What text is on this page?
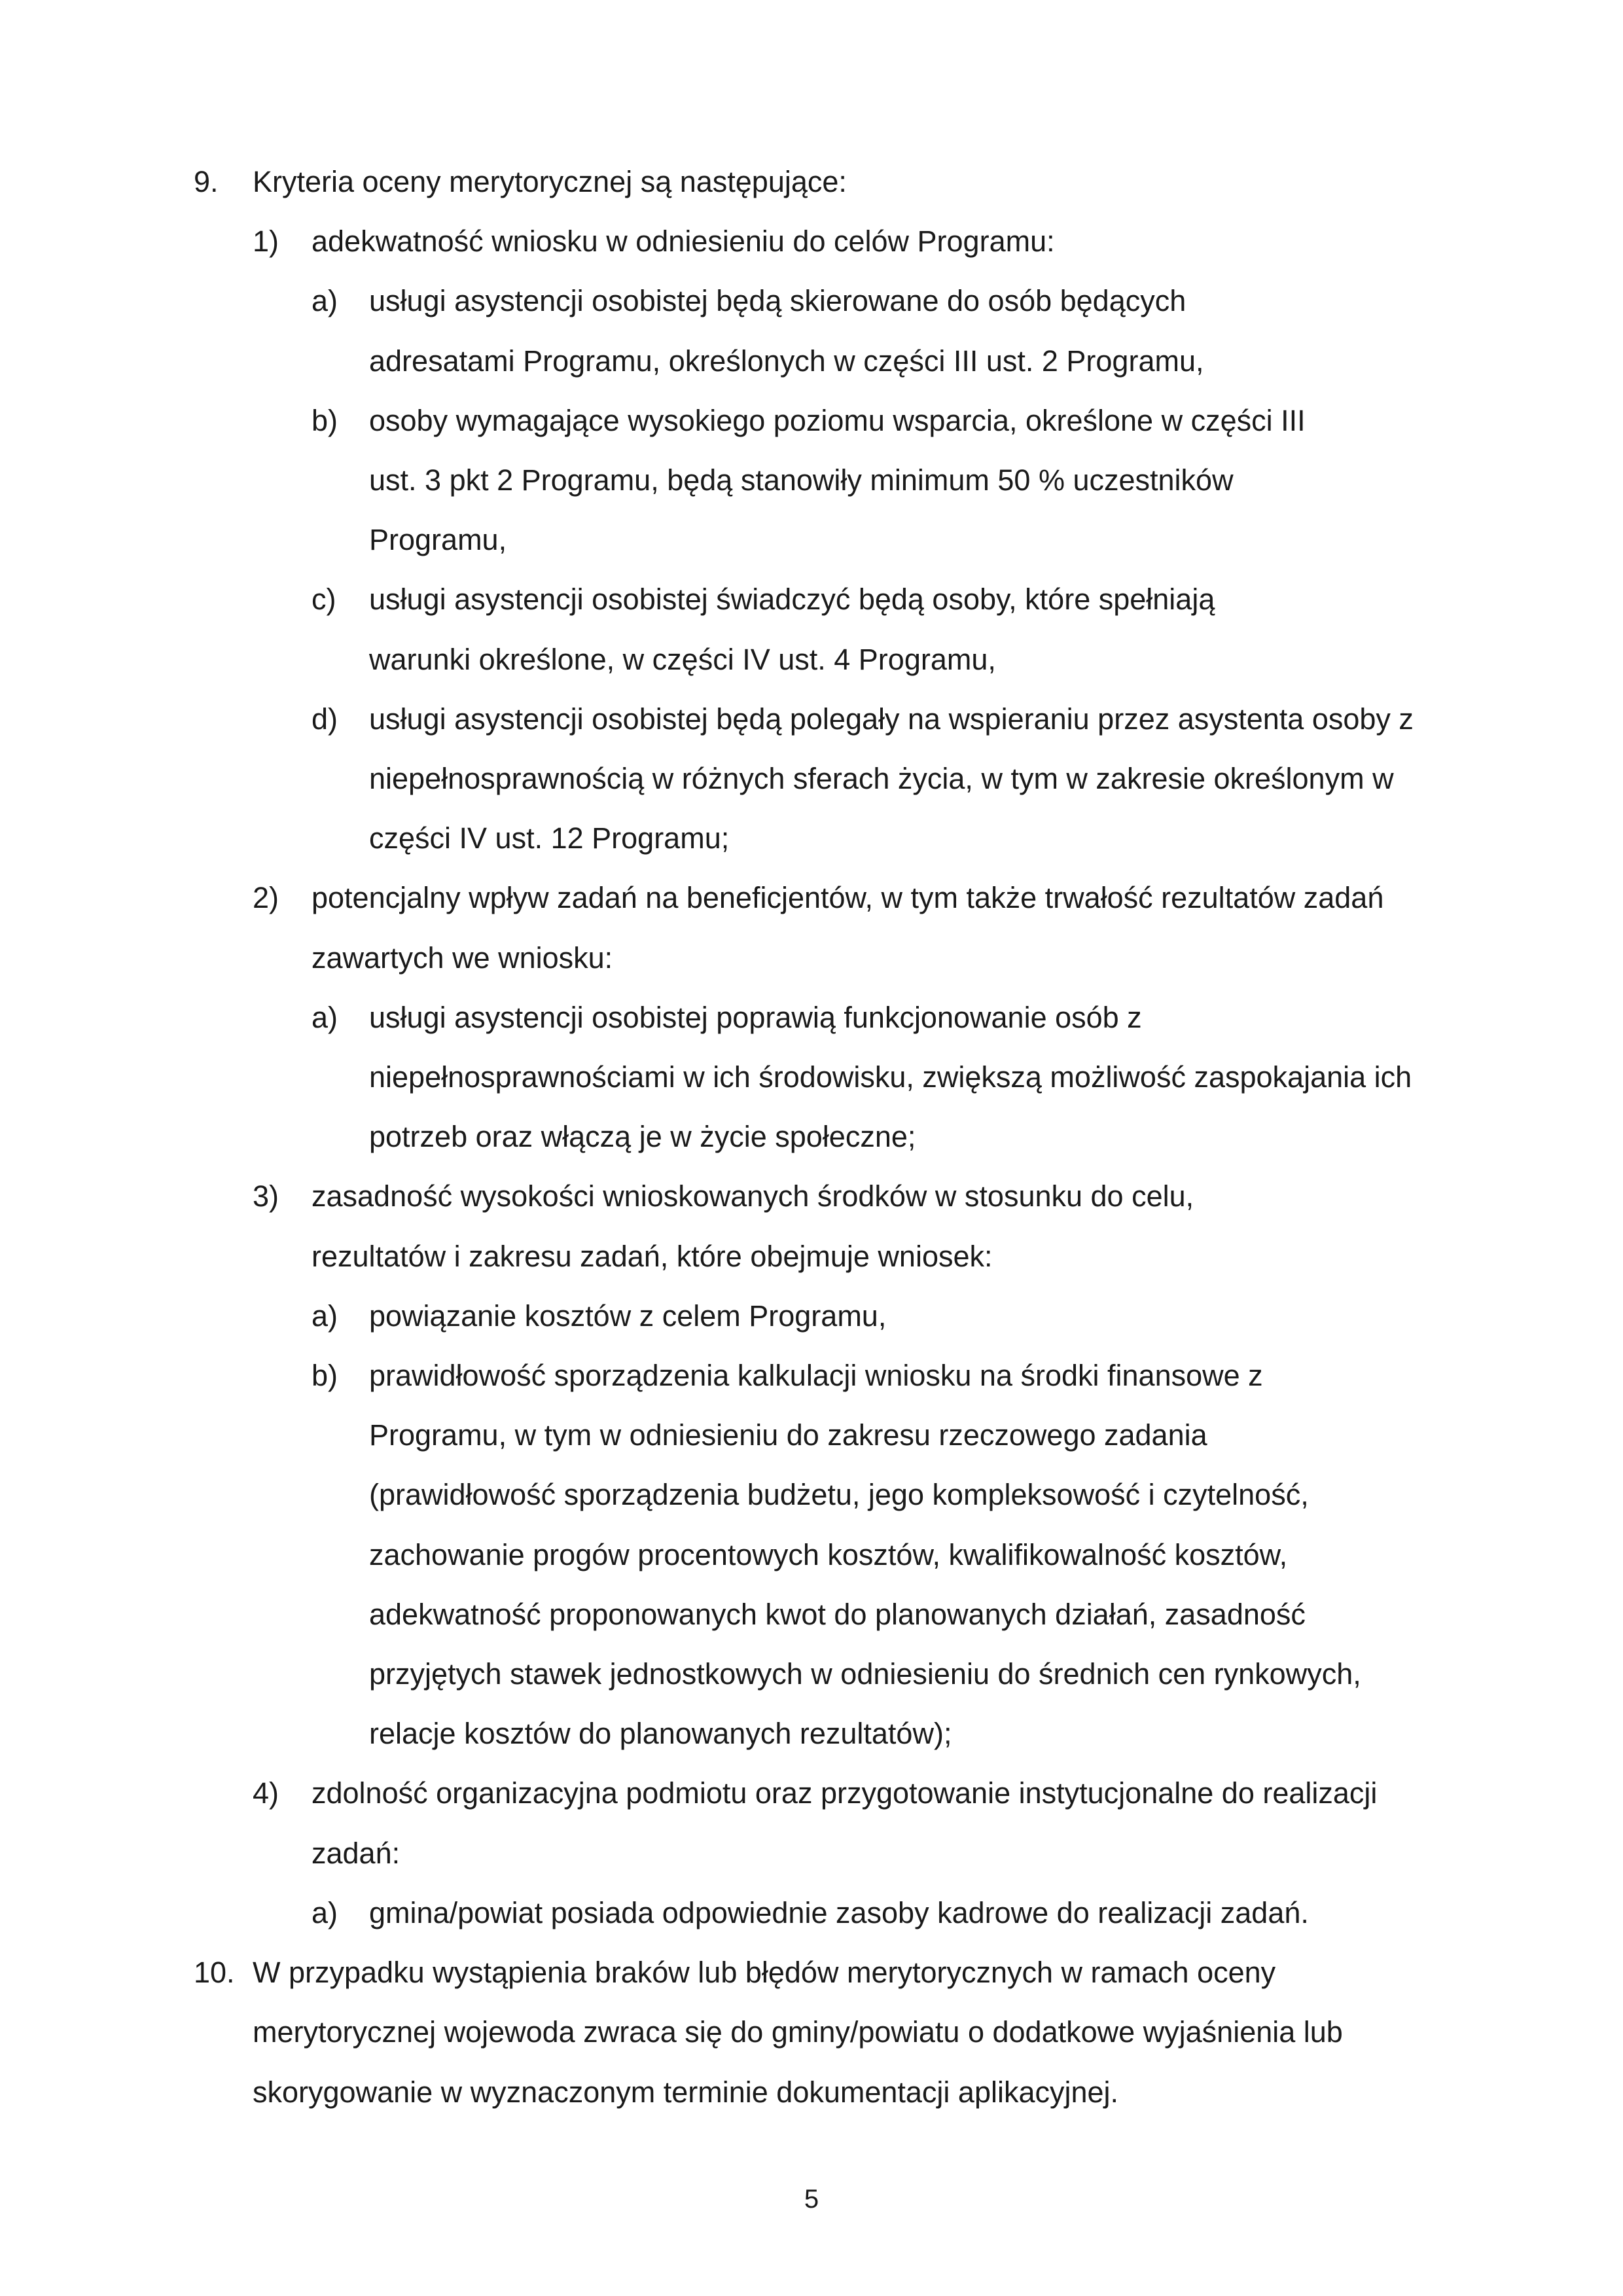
9. Kryteria oceny merytorycznej są następujące:
1) adekwatność wniosku w odniesieniu do celów Programu:
a) usługi asystencji osobistej będą skierowane do osób będących adresatami Programu, określonych w części III ust. 2 Programu,
b) osoby wymagające wysokiego poziomu wsparcia, określone w części III ust. 3 pkt 2 Programu, będą stanowiły minimum 50 % uczestników Programu,
c) usługi asystencji osobistej świadczyć będą osoby, które spełniają warunki określone, w części IV ust. 4 Programu,
d) usługi asystencji osobistej będą polegały na wspieraniu przez asystenta osoby z niepełnosprawnością w różnych sferach życia, w tym w zakresie określonym w części IV ust. 12 Programu;
2) potencjalny wpływ zadań na beneficjentów, w tym także trwałość rezultatów zadań zawartych we wniosku:
a) usługi asystencji osobistej poprawią funkcjonowanie osób z niepełnosprawnościami w ich środowisku, zwiększą możliwość zaspokajania ich potrzeb oraz włączą je w życie społeczne;
3) zasadność wysokości wnioskowanych środków w stosunku do celu, rezultatów i zakresu zadań, które obejmuje wniosek:
a) powiązanie kosztów z celem Programu,
b) prawidłowość sporządzenia kalkulacji wniosku na środki finansowe z Programu, w tym w odniesieniu do zakresu rzeczowego zadania (prawidłowość sporządzenia budżetu, jego kompleksowość i czytelność, zachowanie progów procentowych kosztów, kwalifikowalność kosztów, adekwatność proponowanych kwot do planowanych działań, zasadność przyjętych stawek jednostkowych w odniesieniu do średnich cen rynkowych, relacje kosztów do planowanych rezultatów);
4) zdolność organizacyjna podmiotu oraz przygotowanie instytucjonalne do realizacji zadań:
a) gmina/powiat posiada odpowiednie zasoby kadrowe do realizacji zadań.
10. W przypadku wystąpienia braków lub błędów merytorycznych w ramach oceny merytorycznej wojewoda zwraca się do gminy/powiatu o dodatkowe wyjaśnienia lub skorygowanie w wyznaczonym terminie dokumentacji aplikacyjnej.
5
